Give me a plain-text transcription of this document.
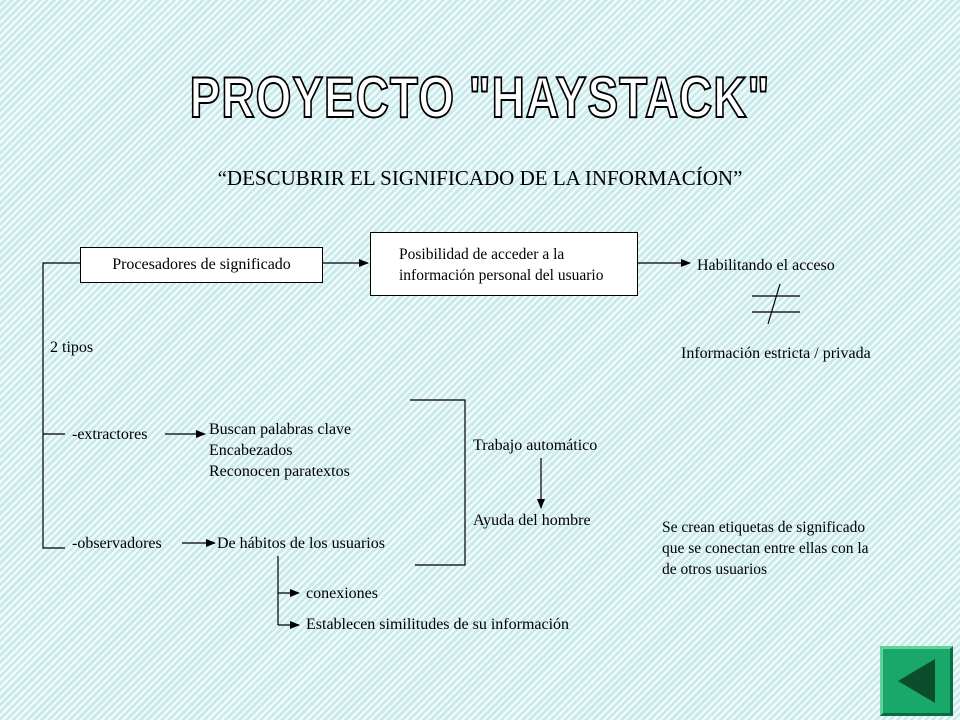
PROYECTO "HAYSTACK"
“DESCUBRIR EL SIGNIFICADO DE LA INFORMACÍON”
Procesadores de significado
Posibilidad de acceder a la
información personal del usuario
Habilitando el acceso
Información estricta / privada
2 tipos
-extractores	Buscan palabras clave
Encabezados
Reconocen paratextos
Trabajo automático
Ayuda del hombre
-observadores	De hábitos de los usuarios
conexiones
Establecen similitudes de su información
Se crean etiquetas de significado
que se conectan entre ellas con la
de otros usuarios
